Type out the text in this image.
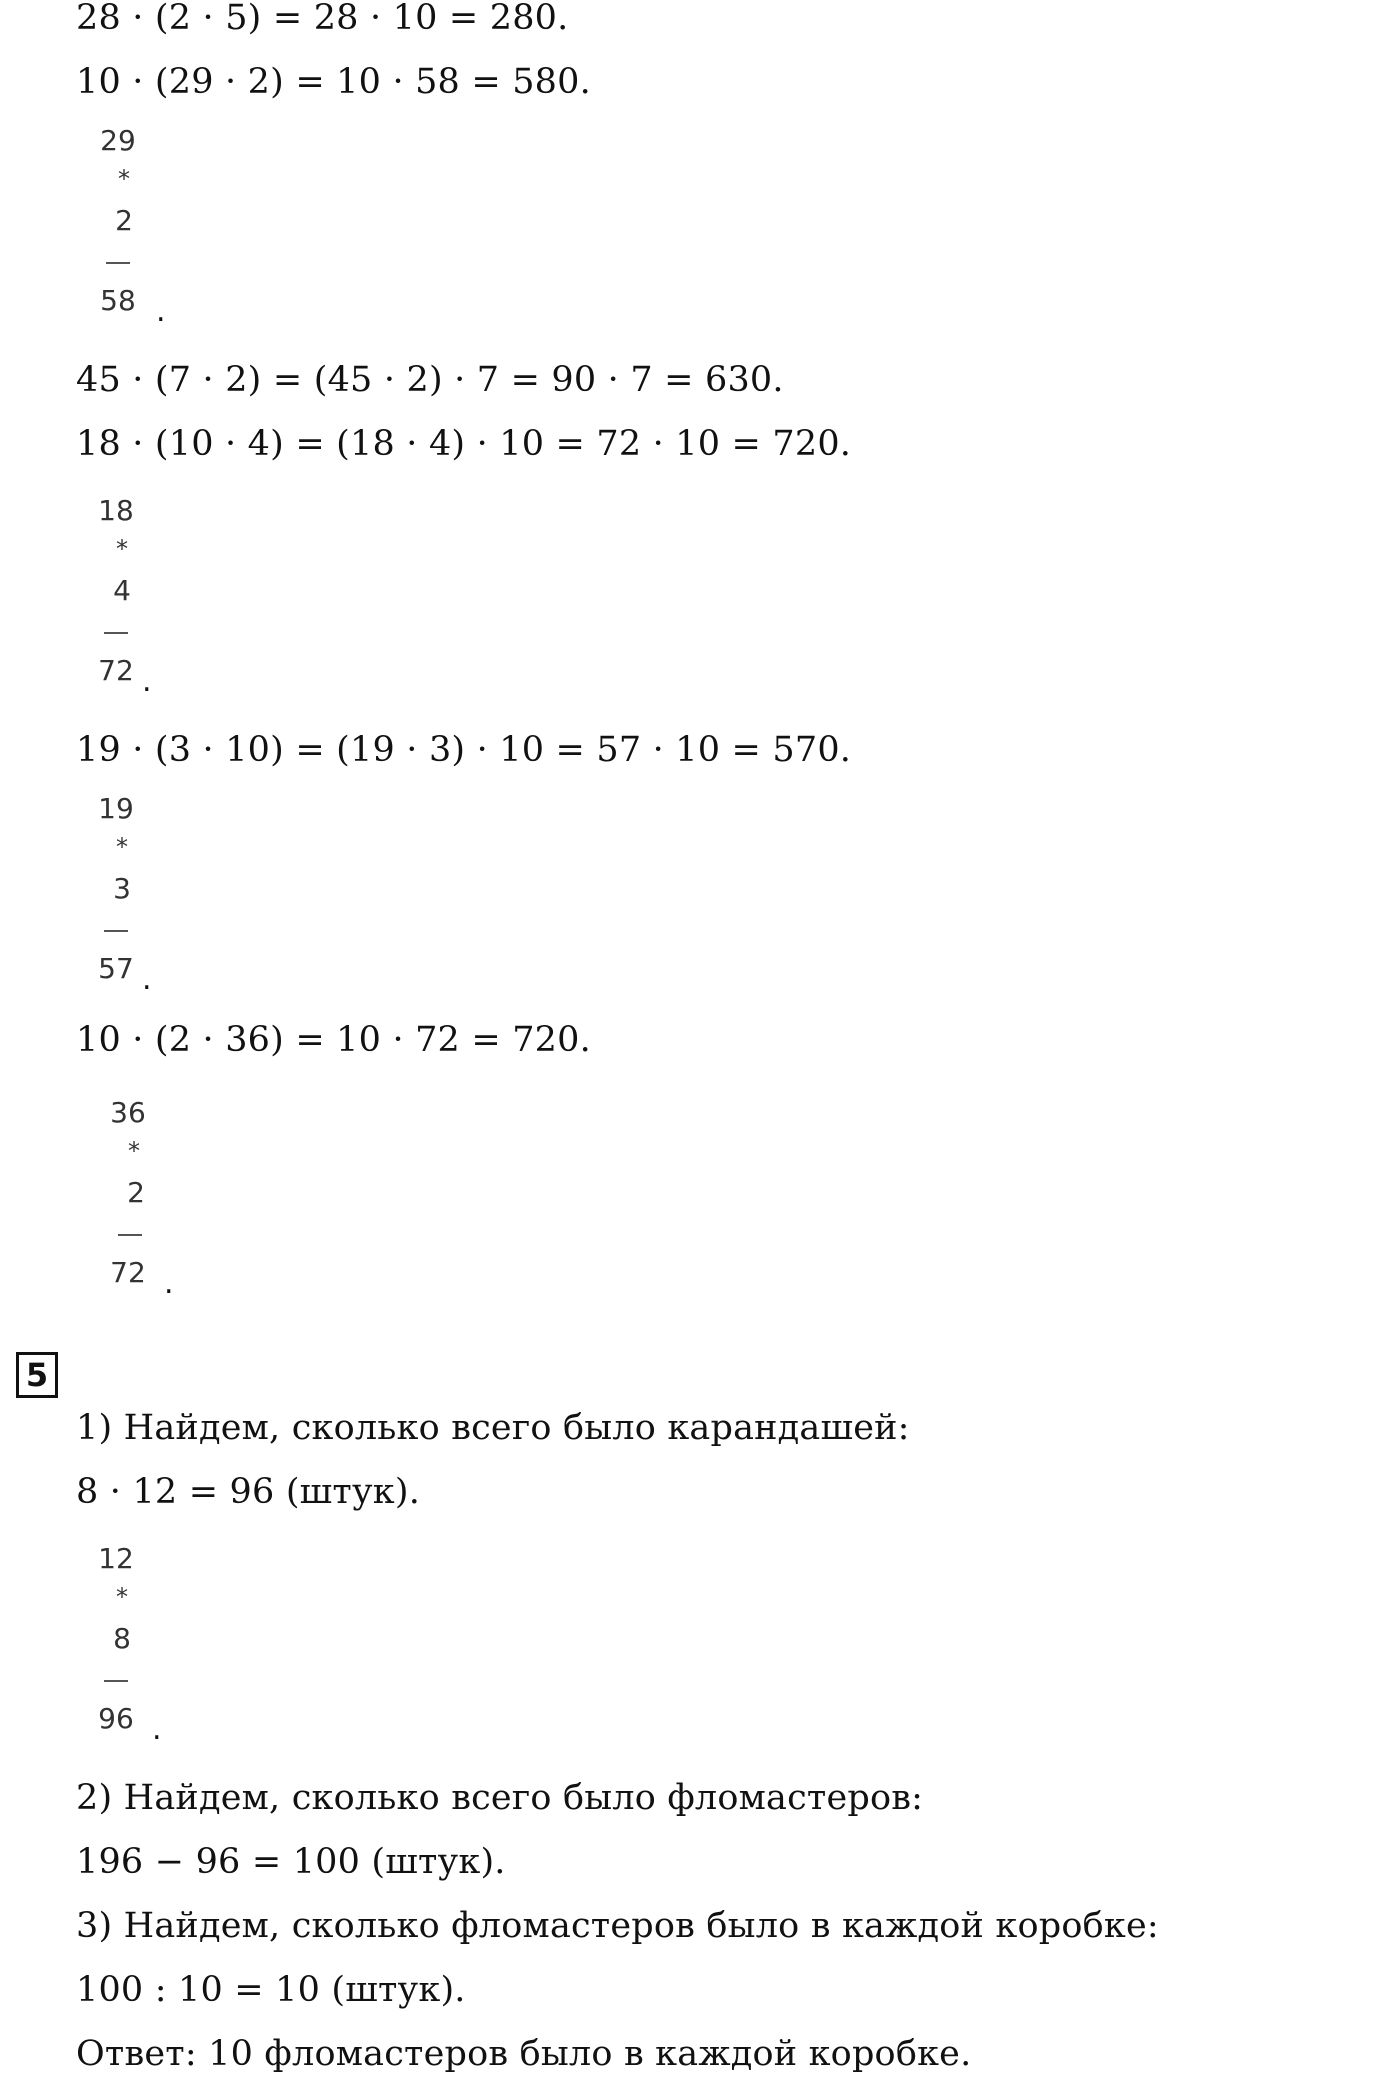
28 · (2 · 5) = 28 · 10 = 280.
10 · (29 · 2) = 10 · 58 = 580.
29
*
2
58 .
45 · (7 · 2) = (45 · 2) · 7 = 90 · 7 = 630.
18 · (10 · 4) = (18 · 4) · 10 = 72 · 10 = 720.
18
*
4
72 .
19 · (3 · 10) = (19 · 3) · 10 = 57 · 10 = 570.
19
*
3
57 .
10 · (2 · 36) = 10 · 72 = 720.
36
*
2
72 .
5
1) Найдем, сколько всего было карандашей:
8 · 12 = 96 (штук).
12
*
8
96 .
2) Найдем, сколько всего было фломастеров:
196 − 96 = 100 (штук).
3) Найдем, сколько фломастеров было в каждой коробке:
100 : 10 = 10 (штук).
Ответ: 10 фломастеров было в каждой коробке.
